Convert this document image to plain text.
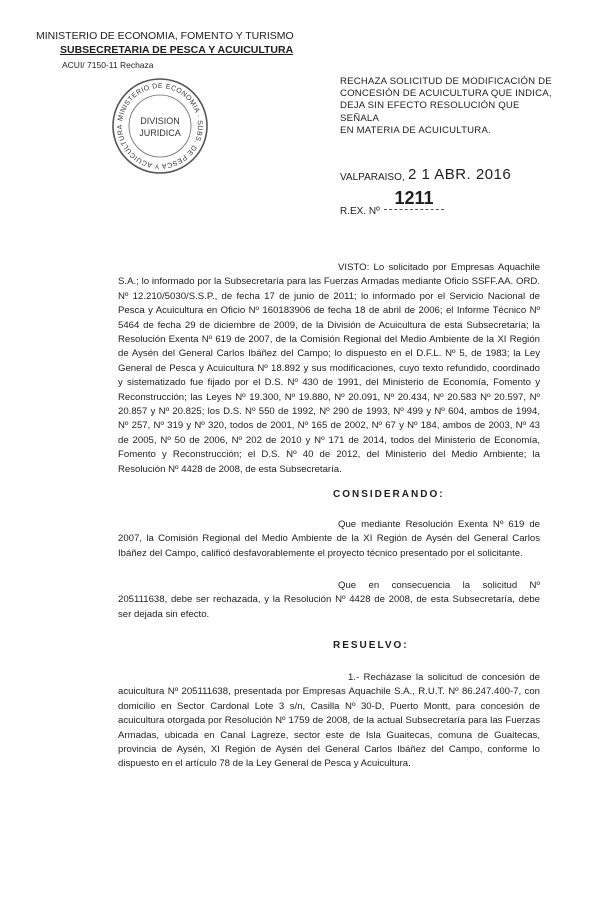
MINISTERIO DE ECONOMIA, FOMENTO Y TURISMO
SUBSECRETARIA DE PESCA Y ACUICULTURA
ACUI/ 7150-11 Rechaza
MINISTERIO DE ECONOMIA · SUBS. DE PESCA Y ACUICULTURA
DIVISION
JURIDICA
RECHAZA SOLICITUD DE MODIFICACIÓN DE
CONCESIÓN DE ACUICULTURA QUE INDICA,
DEJA SIN EFECTO RESOLUCIÓN QUE SEÑALA
EN MATERIA DE ACUICULTURA.
VALPARAISO, 2 1 ABR. 2016
R.EX. Nº
1211
VISTO: Lo solicitado por Empresas Aquachile S.A.; lo informado por la Subsecretaría para las Fuerzas Armadas mediante Oficio SSFF.AA. ORD. Nº 12.210/5030/S.S.P., de fecha 17 de junio de 2011; lo informado por el Servicio Nacional de Pesca y Acuicultura en Oficio Nº 160183906 de fecha 18 de abril de 2006; el Informe Técnico Nº 5464 de fecha 29 de diciembre de 2009, de la División de Acuicultura de esta Subsecretaría; la Resolución Exenta Nº 619 de 2007, de la Comisión Regional del Medio Ambiente de la XI Región de Aysén del General Carlos Ibáñez del Campo; lo dispuesto en el D.F.L. Nº 5, de 1983; la Ley General de Pesca y Acuicultura Nº 18.892 y sus modificaciones, cuyo texto refundido, coordinado y sistematizado fue fijado por el D.S. Nº 430 de 1991, del Ministerio de Economía, Fomento y Reconstrucción; las Leyes Nº 19.300, Nº 19.880, Nº 20.091, Nº 20.434, Nº 20.583 Nº 20.597, Nº 20.857 y Nº 20.825; los D.S. Nº 550 de 1992, Nº 290 de 1993, Nº 499 y Nº 604, ambos de 1994, Nº 257, Nº 319 y Nº 320, todos de 2001, Nº 165 de 2002, Nº 67 y Nº 184, ambos de 2003, Nº 43 de 2005, Nº 50 de 2006, Nº 202 de 2010 y Nº 171 de 2014, todos del Ministerio de Economía, Fomento y Reconstrucción; el D.S. Nº 40 de 2012, del Ministerio del Medio Ambiente; la Resolución Nº 4428 de 2008, de esta Subsecretaría.
CONSIDERANDO:
Que mediante Resolución Exenta Nº 619 de 2007, la Comisión Regional del Medio Ambiente de la XI Región de Aysén del General Carlos Ibáñez del Campo, calificó desfavorablemente el proyecto técnico presentado por el solicitante.
Que en consecuencia la solicitud Nº 205111638, debe ser rechazada, y la Resolución Nº 4428 de 2008, de esta Subsecretaría, debe ser dejada sin efecto.
RESUELVO:
1.- Recházase la solicitud de concesión de acuicultura Nº 205111638, presentada por Empresas Aquachile S.A., R.U.T. Nº 86.247.400-7, con domicilio en Sector Cardonal Lote 3 s/n, Casilla Nº 30-D, Puerto Montt, para concesión de acuicultura otorgada por Resolución Nº 1759 de 2008, de la actual Subsecretaría para las Fuerzas Armadas, ubicada en Canal Lagreze, sector este de Isla Guaitecas, comuna de Guaitecas, provincia de Aysén, XI Región de Aysén del General Carlos Ibáñez del Campo, conforme lo dispuesto en el artículo 78 de la Ley General de Pesca y Acuicultura.
